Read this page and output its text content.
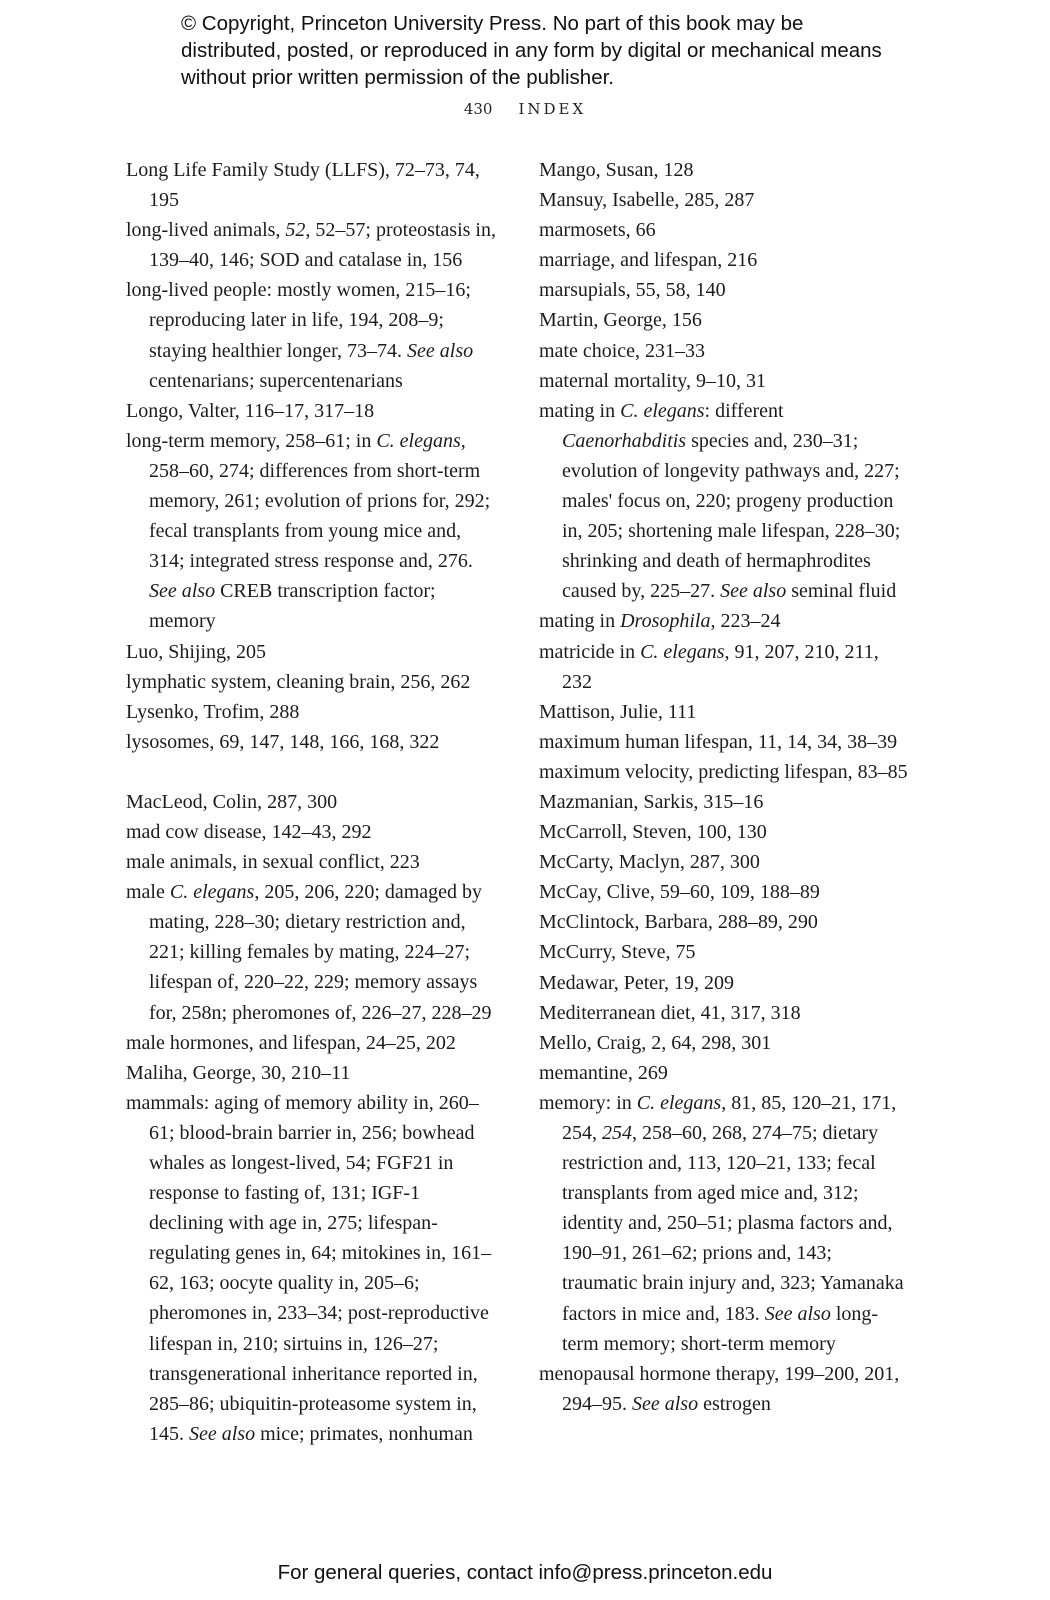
© Copyright, Princeton University Press. No part of this book may be distributed, posted, or reproduced in any form by digital or mechanical means without prior written permission of the publisher.
430 INDEX
Long Life Family Study (LLFS), 72–73, 74, 195
long-lived animals, 52, 52–57; proteostasis in, 139–40, 146; SOD and catalase in, 156
long-lived people: mostly women, 215–16; reproducing later in life, 194, 208–9; staying healthier longer, 73–74. See also centenarians; supercentenarians
Longo, Valter, 116–17, 317–18
long-term memory, 258–61; in C. elegans, 258–60, 274; differences from short-term memory, 261; evolution of prions for, 292; fecal transplants from young mice and, 314; integrated stress response and, 276. See also CREB transcription factor; memory
Luo, Shijing, 205
lymphatic system, cleaning brain, 256, 262
Lysenko, Trofim, 288
lysosomes, 69, 147, 148, 166, 168, 322
MacLeod, Colin, 287, 300
mad cow disease, 142–43, 292
male animals, in sexual conflict, 223
male C. elegans, 205, 206, 220; damaged by mating, 228–30; dietary restriction and, 221; killing females by mating, 224–27; lifespan of, 220–22, 229; memory assays for, 258n; pheromones of, 226–27, 228–29
male hormones, and lifespan, 24–25, 202
Maliha, George, 30, 210–11
mammals: aging of memory ability in, 260–61; blood-brain barrier in, 256; bowhead whales as longest-lived, 54; FGF21 in response to fasting of, 131; IGF-1 declining with age in, 275; lifespan-regulating genes in, 64; mitokines in, 161–62, 163; oocyte quality in, 205–6; pheromones in, 233–34; post-reproductive lifespan in, 210; sirtuins in, 126–27; transgenerational inheritance reported in, 285–86; ubiquitin-proteasome system in, 145. See also mice; primates, nonhuman
Mango, Susan, 128
Mansuy, Isabelle, 285, 287
marmosets, 66
marriage, and lifespan, 216
marsupials, 55, 58, 140
Martin, George, 156
mate choice, 231–33
maternal mortality, 9–10, 31
mating in C. elegans: different Caenorhabditis species and, 230–31; evolution of longevity pathways and, 227; males' focus on, 220; progeny production in, 205; shortening male lifespan, 228–30; shrinking and death of hermaphrodites caused by, 225–27. See also seminal fluid
mating in Drosophila, 223–24
matricide in C. elegans, 91, 207, 210, 211, 232
Mattison, Julie, 111
maximum human lifespan, 11, 14, 34, 38–39
maximum velocity, predicting lifespan, 83–85
Mazmanian, Sarkis, 315–16
McCarroll, Steven, 100, 130
McCarty, Maclyn, 287, 300
McCay, Clive, 59–60, 109, 188–89
McClintock, Barbara, 288–89, 290
McCurry, Steve, 75
Medawar, Peter, 19, 209
Mediterranean diet, 41, 317, 318
Mello, Craig, 2, 64, 298, 301
memantine, 269
memory: in C. elegans, 81, 85, 120–21, 171, 254, 254, 258–60, 268, 274–75; dietary restriction and, 113, 120–21, 133; fecal transplants from aged mice and, 312; identity and, 250–51; plasma factors and, 190–91, 261–62; prions and, 143; traumatic brain injury and, 323; Yamanaka factors in mice and, 183. See also long-term memory; short-term memory
menopausal hormone therapy, 199–200, 201, 294–95. See also estrogen
For general queries, contact info@press.princeton.edu
